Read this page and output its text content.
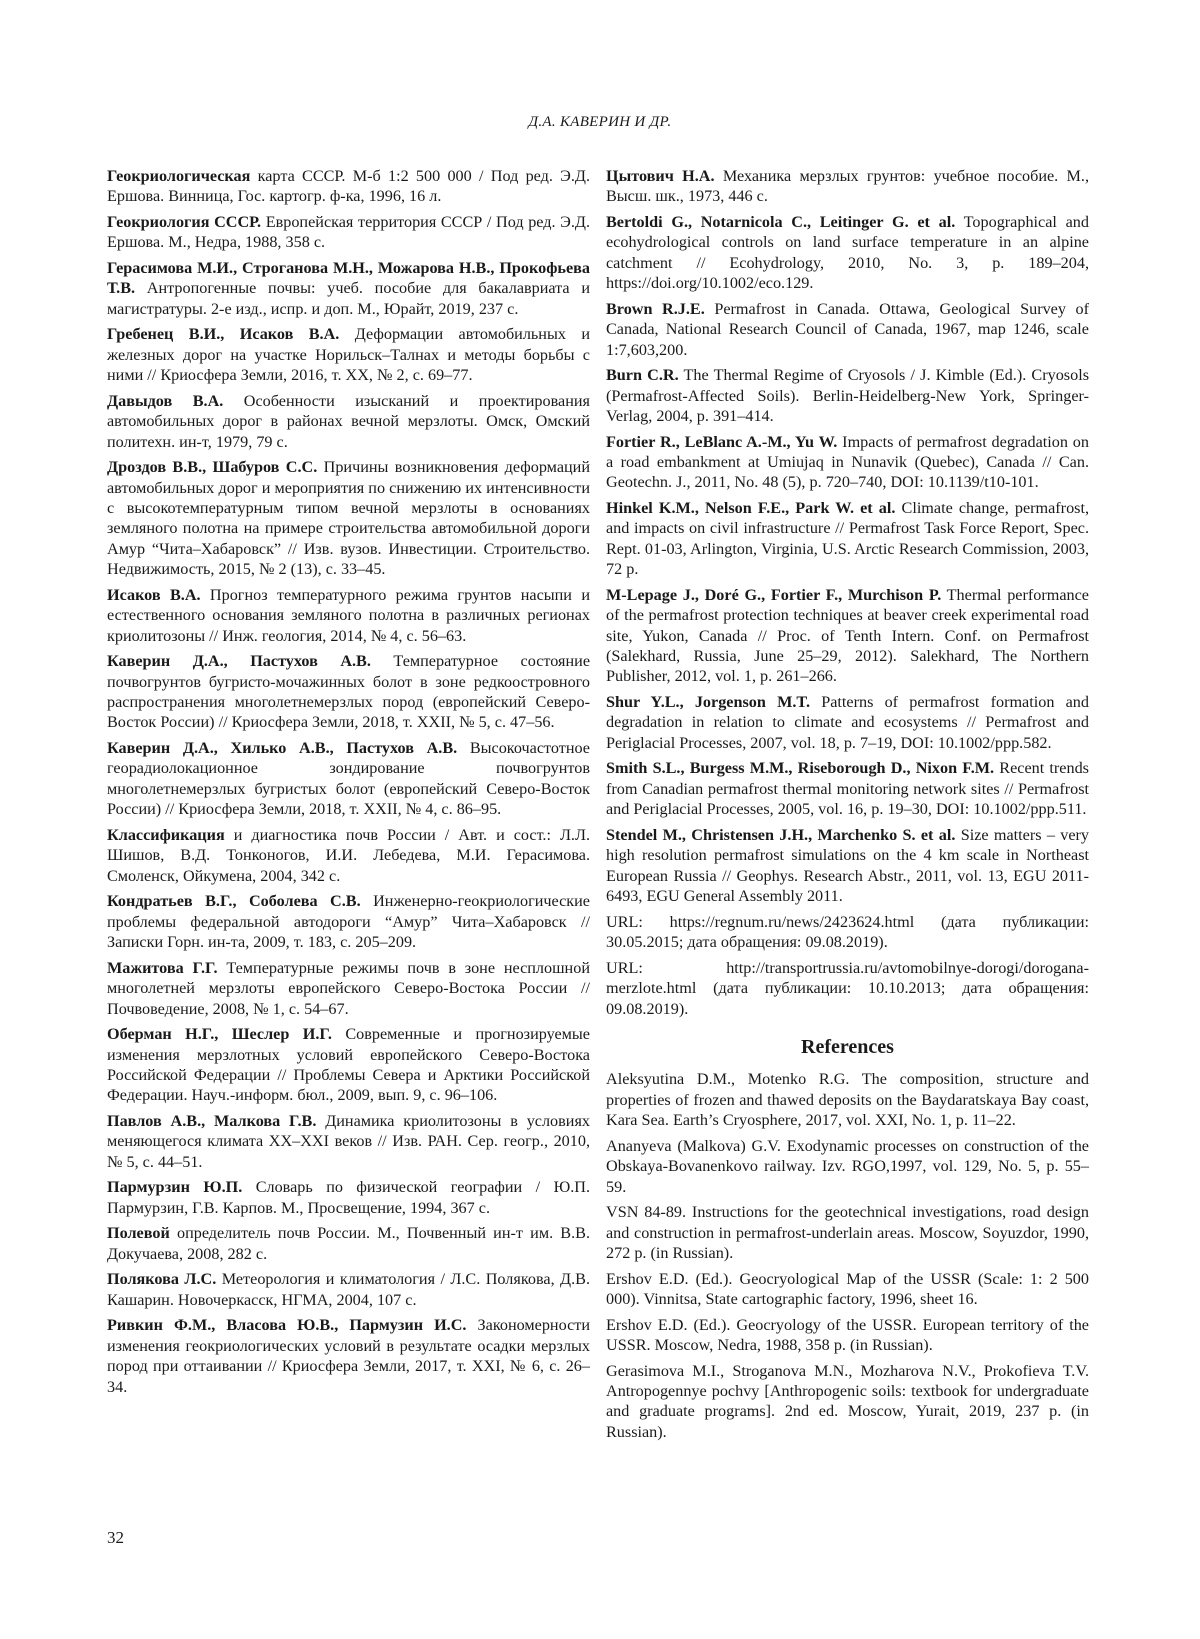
Д.А. КАВЕРИН И ДР.

Геокриологическая карта СССР. М-б 1:2 500 000 / Под ред. Э.Д. Ершова. Винница, Гос. картогр. ф-ка, 1996, 16 л.

Геокриология СССР. Европейская территория СССР / Под ред. Э.Д. Ершова. М., Недра, 1988, 358 с.

Герасимова М.И., Строганова М.Н., Можарова Н.В., Прокофьева Т.В. Антропогенные почвы: учеб. пособие для бакалавриата и магистратуры. 2-е изд., испр. и доп. М., Юрайт, 2019, 237 с.

Гребенец В.И., Исаков В.А. Деформации автомобильных и железных дорог на участке Норильск–Талнах и методы борьбы с ними // Криосфера Земли, 2016, т. XX, № 2, с. 69–77.

Давыдов В.А. Особенности изысканий и проектирования автомобильных дорог в районах вечной мерзлоты. Омск, Омский политехн. ин-т, 1979, 79 с.

Дроздов В.В., Шабуров С.С. Причины возникновения деформаций автомобильных дорог и мероприятия по снижению их интенсивности с высокотемпературным типом вечной мерзлоты в основаниях земляного полотна на примере строительства автомобильной дороги Амур “Чита–Хабаровск” // Изв. вузов. Инвестиции. Строительство. Недвижимость, 2015, № 2 (13), с. 33–45.

Исаков В.А. Прогноз температурного режима грунтов насыпи и естественного основания земляного полотна в различных регионах криолитозоны // Инж. геология, 2014, № 4, с. 56–63.

Каверин Д.А., Пастухов А.В. Температурное состояние почвогрунтов бугристо-мочажинных болот в зоне редкоостровного распространения многолетнемерзлых пород (европейский Северо-Восток России) // Криосфера Земли, 2018, т. XXII, № 5, с. 47–56.

Каверин Д.А., Хилько А.В., Пастухов А.В. Высокочастотное георадиолокационное зондирование почвогрунтов многолетнемерзлых бугристых болот (европейский Северо-Восток России) // Криосфера Земли, 2018, т. XXII, № 4, с. 86–95.

Классификация и диагностика почв России / Авт. и сост.: Л.Л. Шишов, В.Д. Тонконогов, И.И. Лебедева, М.И. Герасимова. Смоленск, Ойкумена, 2004, 342 с.

Кондратьев В.Г., Соболева С.В. Инженерно-геокриологические проблемы федеральной автодороги “Амур” Чита–Хабаровск // Записки Горн. ин-та, 2009, т. 183, с. 205–209.

Мажитова Г.Г. Температурные режимы почв в зоне несплошной многолетней мерзлоты европейского Северо-Востока России // Почвоведение, 2008, № 1, с. 54–67.

Оберман Н.Г., Шеслер И.Г. Современные и прогнозируемые изменения мерзлотных условий европейского Северо-Востока Российской Федерации // Проблемы Севера и Арктики Российской Федерации. Науч.-информ. бюл., 2009, вып. 9, с. 96–106.

Павлов А.В., Малкова Г.В. Динамика криолитозоны в условиях меняющегося климата XX–XXI веков // Изв. РАН. Сер. геогр., 2010, № 5, с. 44–51.

Пармурзин Ю.П. Словарь по физической географии / Ю.П. Пармурзин, Г.В. Карпов. М., Просвещение, 1994, 367 с.

Полевой определитель почв России. М., Почвенный ин-т им. В.В. Докучаева, 2008, 282 с.

Полякова Л.С. Метеорология и климатология / Л.С. Полякова, Д.В. Кашарин. Новочеркасск, НГМА, 2004, 107 с.

Ривкин Ф.М., Власова Ю.В., Пармузин И.С. Закономерности изменения геокриологических условий в результате осадки мерзлых пород при оттаивании // Криосфера Земли, 2017, т. XXI, № 6, с. 26–34.

Цытович Н.А. Механика мерзлых грунтов: учебное пособие. М., Высш. шк., 1973, 446 с.

Bertoldi G., Notarnicola C., Leitinger G. et al. Topographical and ecohydrological controls on land surface temperature in an alpine catchment // Ecohydrology, 2010, No. 3, p. 189–204, https://doi.org/10.1002/eco.129.

Brown R.J.E. Permafrost in Canada. Ottawa, Geological Survey of Canada, National Research Council of Canada, 1967, map 1246, scale 1:7,603,200.

Burn C.R. The Thermal Regime of Cryosols / J. Kimble (Ed.). Cryosols (Permafrost-Affected Soils). Berlin-Heidelberg-New York, Springer-Verlag, 2004, p. 391–414.

Fortier R., LeBlanc A.-M., Yu W. Impacts of permafrost degradation on a road embankment at Umiujaq in Nunavik (Quebec), Canada // Can. Geotechn. J., 2011, No. 48 (5), p. 720–740, DOI: 10.1139/t10-101.

Hinkel K.M., Nelson F.E., Park W. et al. Climate change, permafrost, and impacts on civil infrastructure // Permafrost Task Force Report, Spec. Rept. 01-03, Arlington, Virginia, U.S. Arctic Research Commission, 2003, 72 p.

M-Lepage J., Doré G., Fortier F., Murchison P. Thermal performance of the permafrost protection techniques at beaver creek experimental road site, Yukon, Canada // Proc. of Tenth Intern. Conf. on Permafrost (Salekhard, Russia, June 25–29, 2012). Salekhard, The Northern Publisher, 2012, vol. 1, p. 261–266.

Shur Y.L., Jorgenson M.T. Patterns of permafrost formation and degradation in relation to climate and ecosystems // Permafrost and Periglacial Processes, 2007, vol. 18, p. 7–19, DOI: 10.1002/ppp.582.

Smith S.L., Burgess M.M., Riseborough D., Nixon F.M. Recent trends from Canadian permafrost thermal monitoring network sites // Permafrost and Periglacial Processes, 2005, vol. 16, p. 19–30, DOI: 10.1002/ppp.511.

Stendel M., Christensen J.H., Marchenko S. et al. Size matters – very high resolution permafrost simulations on the 4 km scale in Northeast European Russia // Geophys. Research Abstr., 2011, vol. 13, EGU 2011-6493, EGU General Assembly 2011.

URL: https://regnum.ru/news/2423624.html (дата публикации: 30.05.2015; дата обращения: 09.08.2019).

URL: http://transportrussia.ru/avtomobilnye-dorogi/dorogana-merzlote.html (дата публикации: 10.10.2013; дата обращения: 09.08.2019).

References

Aleksyutina D.M., Motenko R.G. The composition, structure and properties of frozen and thawed deposits on the Baydaratskaya Bay coast, Kara Sea. Earth’s Cryosphere, 2017, vol. XXI, No. 1, p. 11–22.

Ananyeva (Malkova) G.V. Exodynamic processes on construction of the Obskaya-Bovanenkovo railway. Izv. RGO,1997, vol. 129, No. 5, p. 55–59.

VSN 84-89. Instructions for the geotechnical investigations, road design and construction in permafrost-underlain areas. Moscow, Soyuzdor, 1990, 272 p. (in Russian).

Ershov E.D. (Ed.). Geocryological Map of the USSR (Scale: 1: 2 500 000). Vinnitsa, State cartographic factory, 1996, sheet 16.

Ershov E.D. (Ed.). Geocryology of the USSR. European territory of the USSR. Moscow, Nedra, 1988, 358 p. (in Russian).

Gerasimova M.I., Stroganova M.N., Mozharova N.V., Prokofieva T.V. Antropogennye pochvy [Anthropogenic soils: textbook for undergraduate and graduate programs]. 2nd ed. Moscow, Yurait, 2019, 237 p. (in Russian).

32
